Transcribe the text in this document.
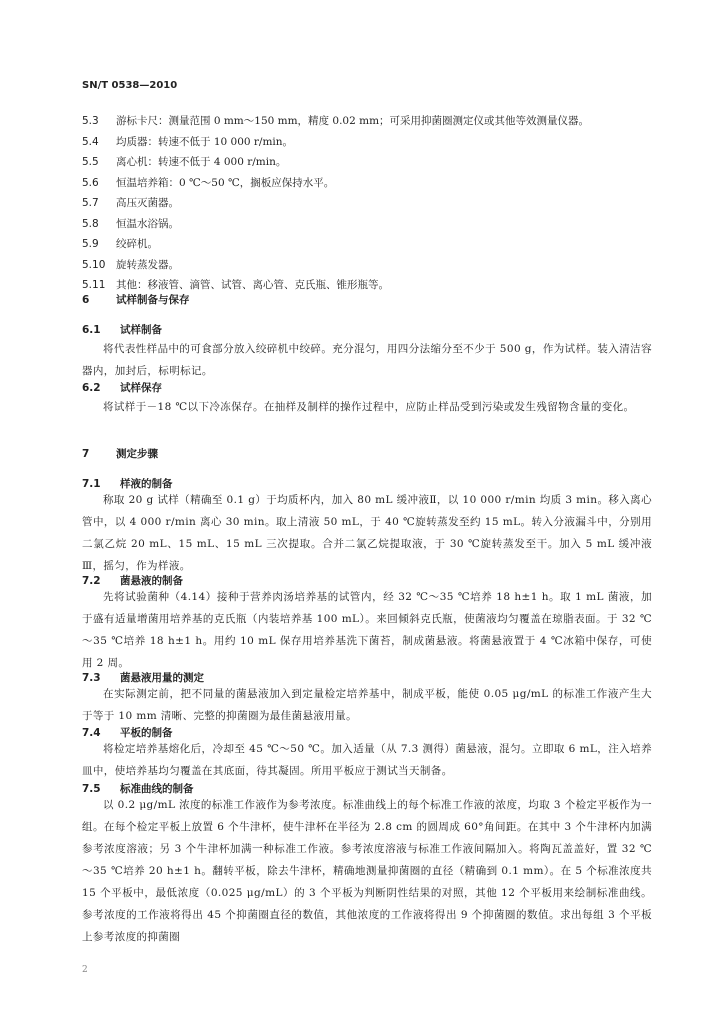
SN/T 0538—2010
5.3	游标卡尺：测量范围 0 mm～150 mm，精度 0.02 mm；可采用抑菌圈测定仪或其他等效测量仪器。
5.4	均质器：转速不低于 10 000 r/min。
5.5	离心机：转速不低于 4 000 r/min。
5.6	恒温培养箱：0 ℃～50 ℃，搁板应保持水平。
5.7	高压灭菌器。
5.8	恒温水浴锅。
5.9	绞碎机。
5.10	旋转蒸发器。
5.11	其他：移液管、滴管、试管、离心管、克氏瓶、锥形瓶等。
6	试样制备与保存
6.1 试样制备
将代表性样品中的可食部分放入绞碎机中绞碎。充分混匀，用四分法缩分至不少于 500 g，作为试样。装入清洁容器内，加封后，标明标记。
6.2 试样保存
将试样于－18 ℃以下冷冻保存。在抽样及制样的操作过程中，应防止样品受到污染或发生残留物含量的变化。
7	测定步骤
7.1 样液的制备
称取 20 g 试样（精确至 0.1 g）于均质杯内，加入 80 mL 缓冲液Ⅱ，以 10 000 r/min 均质 3 min。移入离心管中，以 4 000 r/min 离心 30 min。取上清液 50 mL，于 40 ℃旋转蒸发至约 15 mL。转入分液漏斗中，分别用二氯乙烷 20 mL、15 mL、15 mL 三次提取。合并二氯乙烷提取液，于 30 ℃旋转蒸发至干。加入 5 mL 缓冲液Ⅲ，摇匀，作为样液。
7.2 菌悬液的制备
先将试验菌种（4.14）接种于营养肉汤培养基的试管内，经 32 ℃～35 ℃培养 18 h±1 h。取 1 mL 菌液，加于盛有适量增菌用培养基的克氏瓶（内装培养基 100 mL）。来回倾斜克氏瓶，使菌液均匀覆盖在琼脂表面。于 32 ℃～35 ℃培养 18 h±1 h。用约 10 mL 保存用培养基洗下菌苔，制成菌悬液。将菌悬液置于 4 ℃冰箱中保存，可使用 2 周。
7.3 菌悬液用量的测定
在实际测定前，把不同量的菌悬液加入到定量检定培养基中，制成平板，能使 0.05 μg/mL 的标准工作液产生大于等于 10 mm 清晰、完整的抑菌圈为最佳菌悬液用量。
7.4 平板的制备
将检定培养基熔化后，冷却至 45 ℃～50 ℃。加入适量（从 7.3 测得）菌悬液，混匀。立即取 6 mL，注入培养皿中，使培养基均匀覆盖在其底面，待其凝固。所用平板应于测试当天制备。
7.5 标准曲线的制备
以 0.2 μg/mL 浓度的标准工作液作为参考浓度。标准曲线上的每个标准工作液的浓度，均取 3 个检定平板作为一组。在每个检定平板上放置 6 个牛津杯，使牛津杯在半径为 2.8 cm 的圆周成 60°角间距。在其中 3 个牛津杯内加满参考浓度溶液；另 3 个牛津杯加满一种标准工作液。参考浓度溶液与标准工作液间隔加入。将陶瓦盖盖好，置 32 ℃～35 ℃培养 20 h±1 h。翻转平板，除去牛津杯，精确地测量抑菌圈的直径（精确到 0.1 mm）。在 5 个标准浓度共 15 个平板中，最低浓度（0.025 μg/mL）的 3 个平板为判断阴性结果的对照，其他 12 个平板用来绘制标准曲线。参考浓度的工作液将得出 45 个抑菌圈直径的数值，其他浓度的工作液将得出 9 个抑菌圈的数值。求出每组 3 个平板上参考浓度的抑菌圈
2
